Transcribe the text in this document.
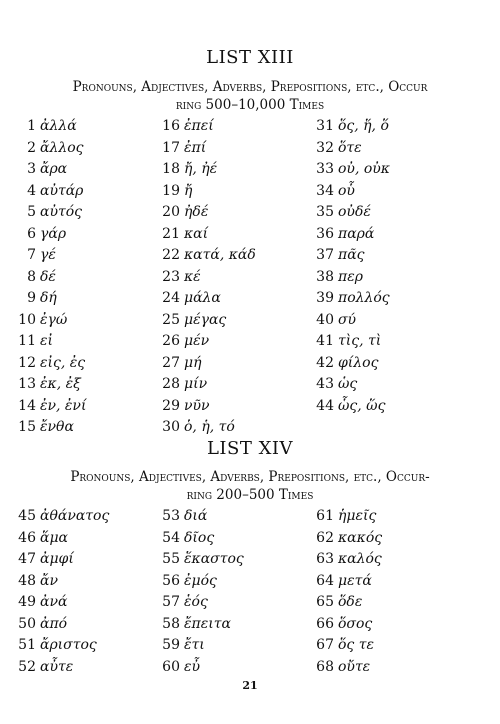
LIST XIII
Pronouns, Adjectives, Adverbs, Prepositions, etc., Occur
ring 500–10,000 Times
1 ἀλλά
2 ἄλλος
3 ἄρα
4 αὐτάρ
5 αὐτός
6 γάρ
7 γέ
8 δέ
9 δή
10 ἐγώ
11 εἰ
12 εἰς, ἐς
13 ἐκ, ἐξ
14 ἐν, ἐνί
15 ἔνθα
16 ἐπεί
17 ἐπί
18 ἤ, ἠέ
19 ἤ
20 ἠδέ
21 καί
22 κατά, κάδ
23 κέ
24 μάλα
25 μέγας
26 μέν
27 μή
28 μίν
29 νῦν
30 ὁ, ἡ, τό
31 ὅς, ἥ, ὅ
32 ὅτε
33 οὐ, οὐκ
34 οὗ
35 οὐδέ
36 παρά
37 πᾶς
38 περ
39 πολλός
40 σύ
41 τὶς, τὶ
42 φίλος
43 ὡς
44 ὧς, ὥς
LIST XIV
Pronouns, Adjectives, Adverbs, Prepositions, etc., Occur-
ring 200–500 Times
45 ἀθάνατος
46 ἅμα
47 ἀμφί
48 ἄν
49 ἀνά
50 ἀπό
51 ἄριστος
52 αὖτε
53 διά
54 δῖος
55 ἕκαστος
56 ἐμός
57 ἑός
58 ἔπειτα
59 ἔτι
60 εὖ
61 ἡμεῖς
62 κακός
63 καλός
64 μετά
65 ὅδε
66 ὅσος
67 ὅς τε
68 οὔτε
21
